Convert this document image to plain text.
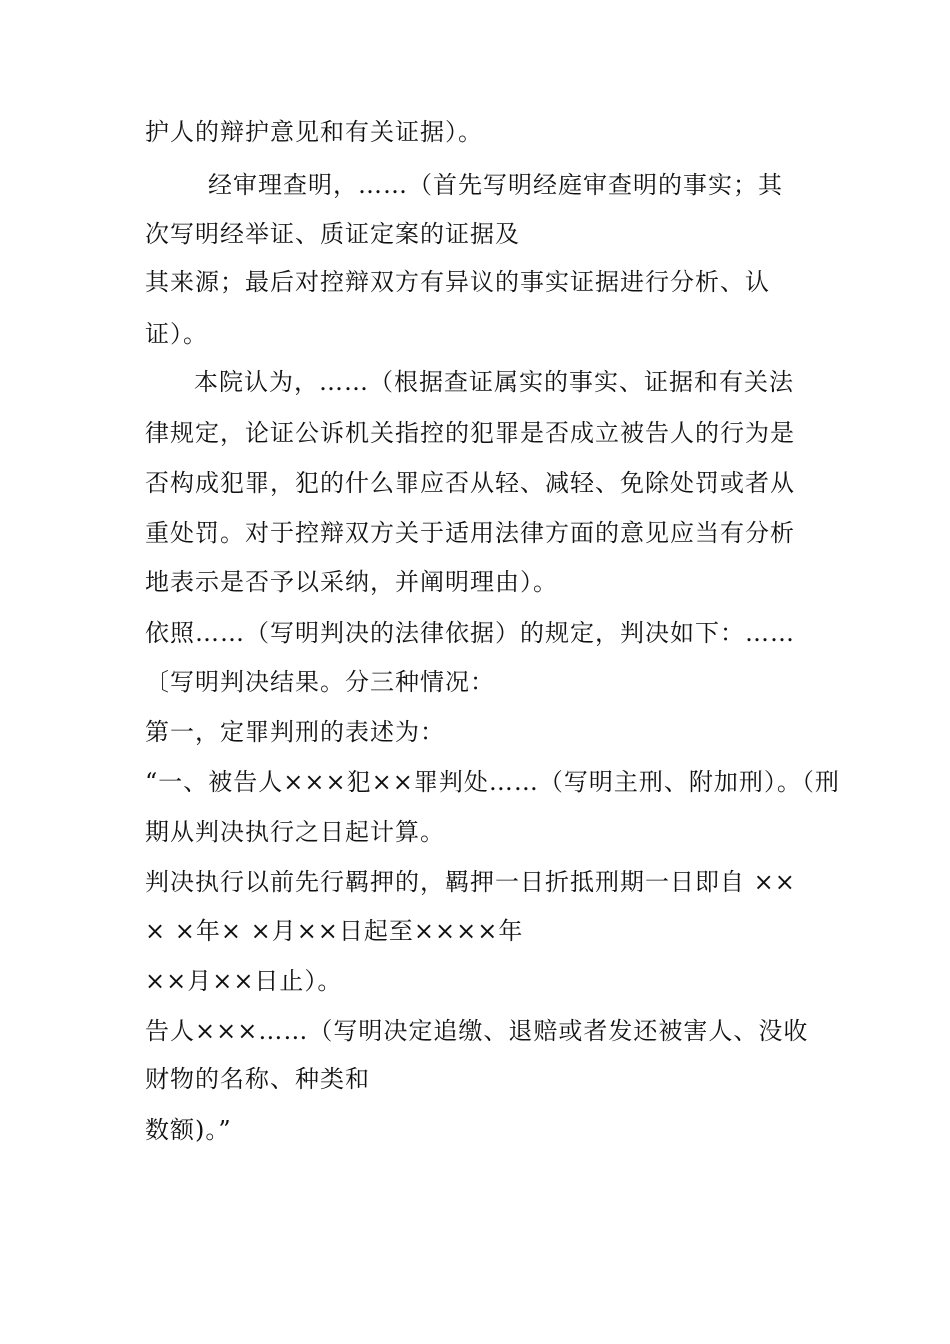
护人的辩护意见和有关证据）。
经审理查明，……（首先写明经庭审查明的事实；其
次写明经举证、质证定案的证据及
其来源；最后对控辩双方有异议的事实证据进行分析、认
证）。
本院认为，……（根据查证属实的事实、证据和有关法
律规定，论证公诉机关指控的犯罪是否成立被告人的行为是
否构成犯罪，犯的什么罪应否从轻、减轻、免除处罚或者从
重处罚。对于控辩双方关于适用法律方面的意见应当有分析
地表示是否予以采纳，并阐明理由）。
依照……（写明判决的法律依据）的规定，判决如下：……
〔写明判决结果。分三种情况：
第一，定罪判刑的表述为：
“一、被告人×××犯××罪判处……（写明主刑、附加刑）。（刑
期从判决执行之日起计算。
判决执行以前先行羁押的，羁押一日折抵刑期一日即自 ××
× ×年× ×月××日起至××××年
××月××日止）。
告人×××……（写明决定追缴、退赔或者发还被害人、没收
财物的名称、种类和
数额)。”
